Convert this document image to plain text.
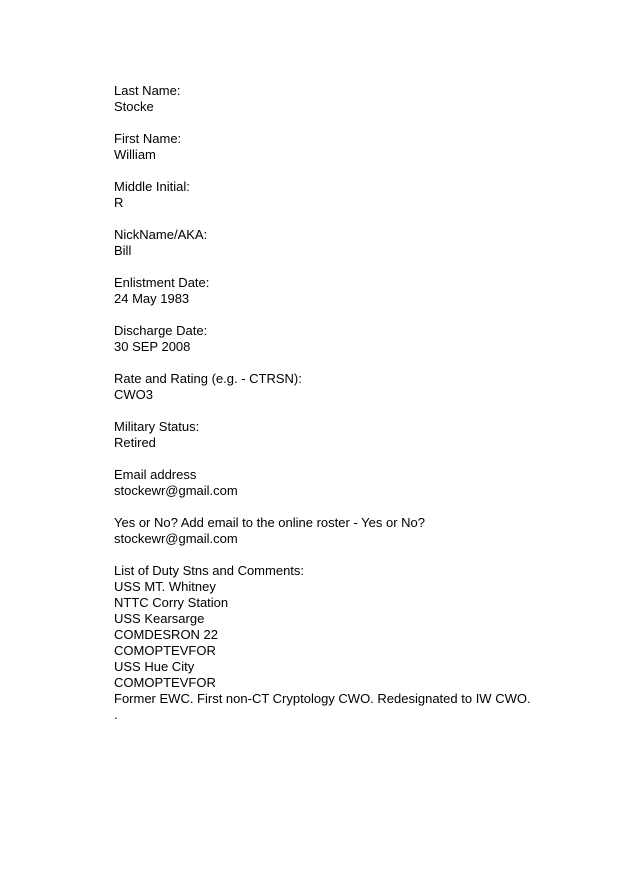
Last Name:
Stocke
First Name:
William
Middle Initial:
R
NickName/AKA:
Bill
Enlistment Date:
24 May 1983
Discharge Date:
30 SEP 2008
Rate and Rating (e.g. - CTRSN):
CWO3
Military Status:
Retired
Email address
stockewr@gmail.com
Yes or No? Add email to the online roster - Yes or No?
stockewr@gmail.com
List of Duty Stns and Comments:
USS MT. Whitney
NTTC Corry Station
USS Kearsarge
COMDESRON 22
COMOPTEVFOR
USS Hue City
COMOPTEVFOR
Former EWC. First non-CT Cryptology CWO. Redesignated to IW CWO.
.
